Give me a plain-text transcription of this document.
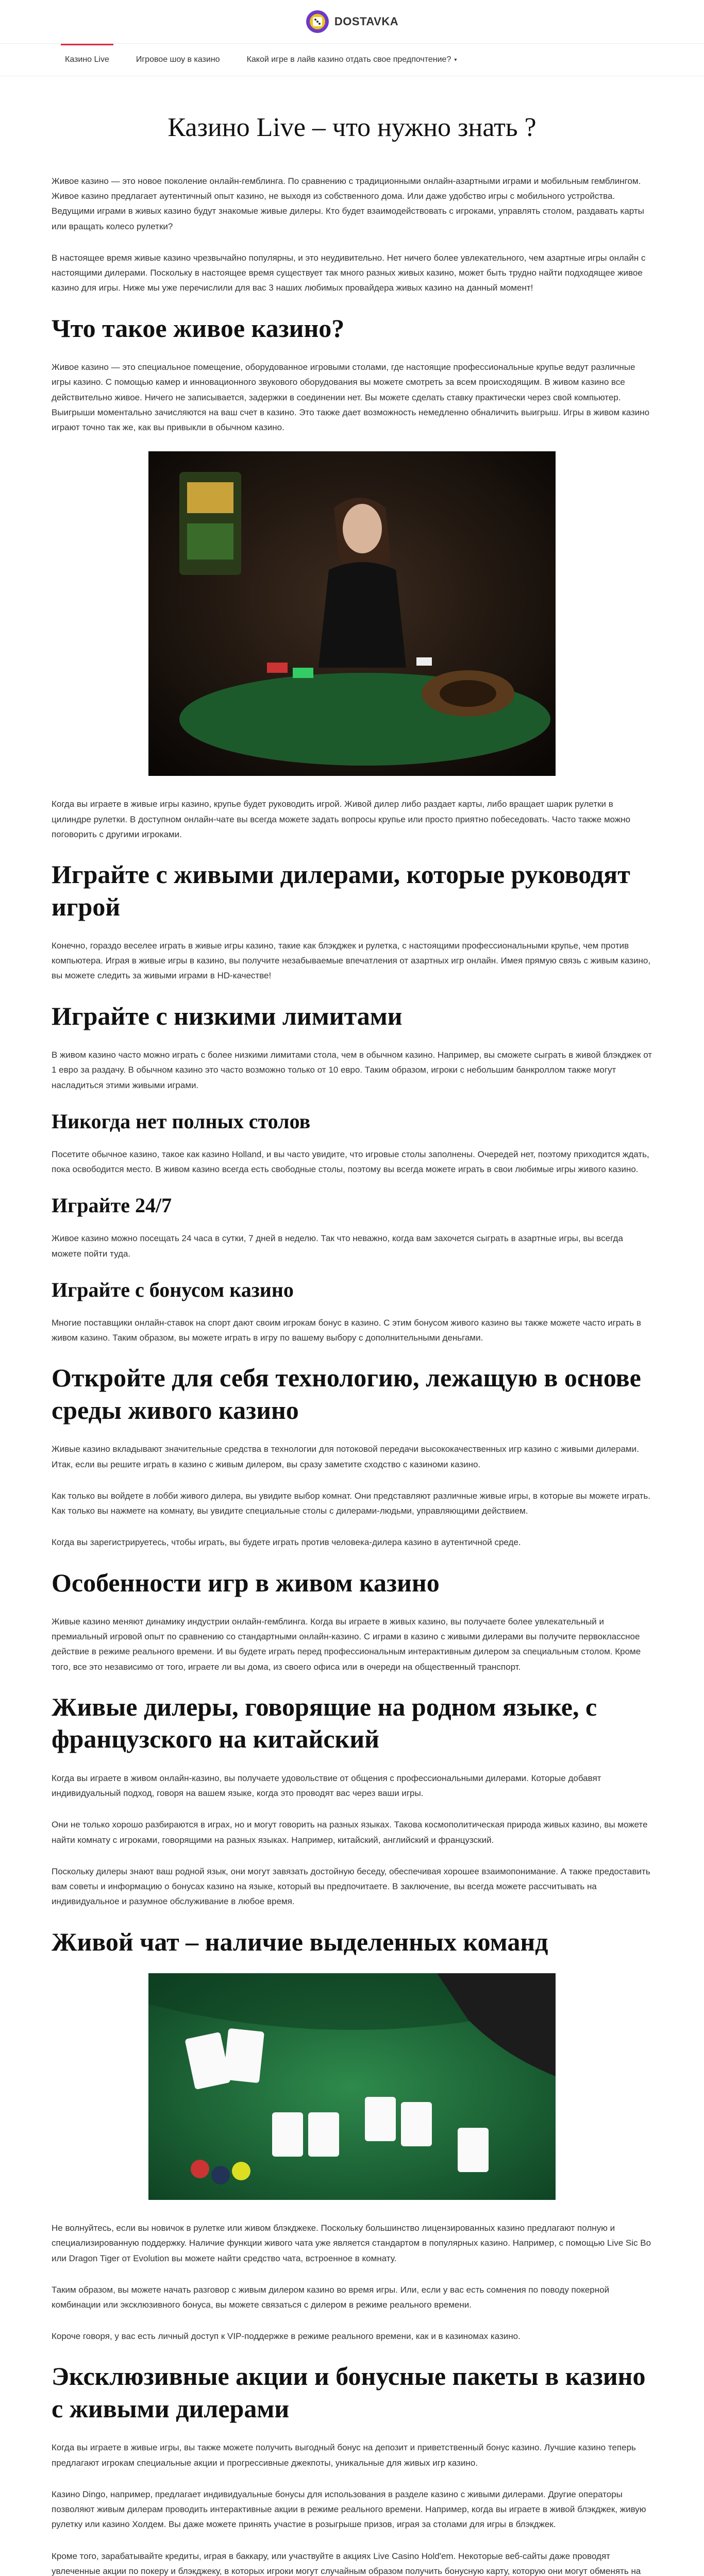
DOSTAVKA
Казино Live	Игровое шоу в казино	Какой игре в лайв казино отдать свое предпочтение? ▾
Казино Live – что нужно знать ?

Живое казино — это новое поколение онлайн-гемблинга. По сравнению с традиционными онлайн-азартными играми и мобильным гемблингом. Живое казино предлагает аутентичный опыт казино, не выходя из собственного дома. Или даже удобство игры с мобильного устройства. Ведущими играми в живых казино будут знакомые живые дилеры. Кто будет взаимодействовать с игроками, управлять столом, раздавать карты или вращать колесо рулетки?

В настоящее время живые казино чрезвычайно популярны, и это неудивительно. Нет ничего более увлекательного, чем азартные игры онлайн с настоящими дилерами. Поскольку в настоящее время существует так много разных живых казино, может быть трудно найти подходящее живое казино для игры. Ниже мы уже перечислили для вас 3 наших любимых провайдера живых казино на данный момент!

Что такое живое казино?

Живое казино — это специальное помещение, оборудованное игровыми столами, где настоящие профессиональные крупье ведут различные игры казино. С помощью камер и инновационного звукового оборудования вы можете смотреть за всем происходящим. В живом казино все действительно живое. Ничего не записывается, задержки в соединении нет. Вы можете сделать ставку практически через свой компьютер. Выигрыши моментально зачисляются на ваш счет в казино. Это также дает возможность немедленно обналичить выигрыш. Игры в живом казино играют точно так же, как вы привыкли в обычном казино.

Когда вы играете в живые игры казино, крупье будет руководить игрой. Живой дилер либо раздает карты, либо вращает шарик рулетки в цилиндре рулетки. В доступном онлайн-чате вы всегда можете задать вопросы крупье или просто приятно побеседовать. Часто также можно поговорить с другими игроками.

Играйте с живыми дилерами, которые руководят игрой

Конечно, гораздо веселее играть в живые игры казино, такие как блэкджек и рулетка, с настоящими профессиональными крупье, чем против компьютера. Играя в живые игры в казино, вы получите незабываемые впечатления от азартных игр онлайн. Имея прямую связь с живым казино, вы можете следить за живыми играми в HD-качестве!

Играйте с низкими лимитами

В живом казино часто можно играть с более низкими лимитами стола, чем в обычном казино. Например, вы сможете сыграть в живой блэкджек от 1 евро за раздачу. В обычном казино это часто возможно только от 10 евро. Таким образом, игроки с небольшим банкроллом также могут насладиться этими живыми играми.

Никогда нет полных столов

Посетите обычное казино, такое как казино Holland, и вы часто увидите, что игровые столы заполнены. Очередей нет, поэтому приходится ждать, пока освободится место. В живом казино всегда есть свободные столы, поэтому вы всегда можете играть в свои любимые игры живого казино.

Играйте 24/7

Живое казино можно посещать 24 часа в сутки, 7 дней в неделю. Так что неважно, когда вам захочется сыграть в азартные игры, вы всегда можете пойти туда.

Играйте с бонусом казино

Многие поставщики онлайн-ставок на спорт дают своим игрокам бонус в казино. С этим бонусом живого казино вы также можете часто играть в живом казино. Таким образом, вы можете играть в игру по вашему выбору с дополнительными деньгами.

Откройте для себя технологию, лежащую в основе среды живого казино

Живые казино вкладывают значительные средства в технологии для потоковой передачи высококачественных игр казино с живыми дилерами. Итак, если вы решите играть в казино с живым дилером, вы сразу заметите сходство с казиноми казино.

Как только вы войдете в лобби живого дилера, вы увидите выбор комнат. Они представляют различные живые игры, в которые вы можете играть. Как только вы нажмете на комнату, вы увидите специальные столы с дилерами-людьми, управляющими действием.

Когда вы зарегистрируетесь, чтобы играть, вы будете играть против человека-дилера казино в аутентичной среде.

Особенности игр в живом казино

Живые казино меняют динамику индустрии онлайн-гемблинга. Когда вы играете в живых казино, вы получаете более увлекательный и премиальный игровой опыт по сравнению со стандартными онлайн-казино. С играми в казино с живыми дилерами вы получите первоклассное действие в режиме реального времени. И вы будете играть перед профессиональным интерактивным дилером за специальным столом. Кроме того, все это независимо от того, играете ли вы дома, из своего офиса или в очереди на общественный транспорт.

Живые дилеры, говорящие на родном языке, с французского на китайский

Когда вы играете в живом онлайн-казино, вы получаете удовольствие от общения с профессиональными дилерами. Которые добавят индивидуальный подход, говоря на вашем языке, когда это проводят вас через ваши игры.

Они не только хорошо разбираются в играх, но и могут говорить на разных языках. Такова космополитическая природа живых казино, вы можете найти комнату с игроками, говорящими на разных языках. Например, китайский, английский и французский.

Поскольку дилеры знают ваш родной язык, они могут завязать достойную беседу, обеспечивая хорошее взаимопонимание. А также предоставить вам советы и информацию о бонусах казино на языке, который вы предпочитаете. В заключение, вы всегда можете рассчитывать на индивидуальное и разумное обслуживание в любое время.

Живой чат – наличие выделенных команд

Не волнуйтесь, если вы новичок в рулетке или живом блэкджеке. Поскольку большинство лицензированных казино предлагают полную и специализированную поддержку. Наличие функции живого чата уже является стандартом в популярных казино. Например, с помощью Live Sic Bo или Dragon Tiger от Evolution вы можете найти средство чата, встроенное в комнату.

Таким образом, вы можете начать разговор с живым дилером казино во время игры. Или, если у вас есть сомнения по поводу покерной комбинации или эксклюзивного бонуса, вы можете связаться с дилером в режиме реального времени.

Короче говоря, у вас есть личный доступ к VIP-поддержке в режиме реального времени, как и в казиномах казино.

Эксклюзивные акции и бонусные пакеты в казино с живыми дилерами

Когда вы играете в живые игры, вы также можете получить выгодный бонус на депозит и приветственный бонус казино. Лучшие казино теперь предлагают игрокам специальные акции и прогрессивные джекпоты, уникальные для живых игр казино.

Казино Dingo, например, предлагает индивидуальные бонусы для использования в разделе казино с живыми дилерами. Другие операторы позволяют живым дилерам проводить интерактивные акции в режиме реального времени. Например, когда вы играете в живой блэкджек, живую рулетку или казино Холдем. Вы даже можете принять участие в розыгрыше призов, играя за столами для игры в блэкджек.

Кроме того, зарабатывайте кредиты, играя в баккару, или участвуйте в акциях Live Casino Hold'em. Некоторые веб-сайты даже проводят увлеченные акции по покеру и блэкджеку, в которых игроки могут случайным образом получить бонусную карту, которую они могут обменять на
